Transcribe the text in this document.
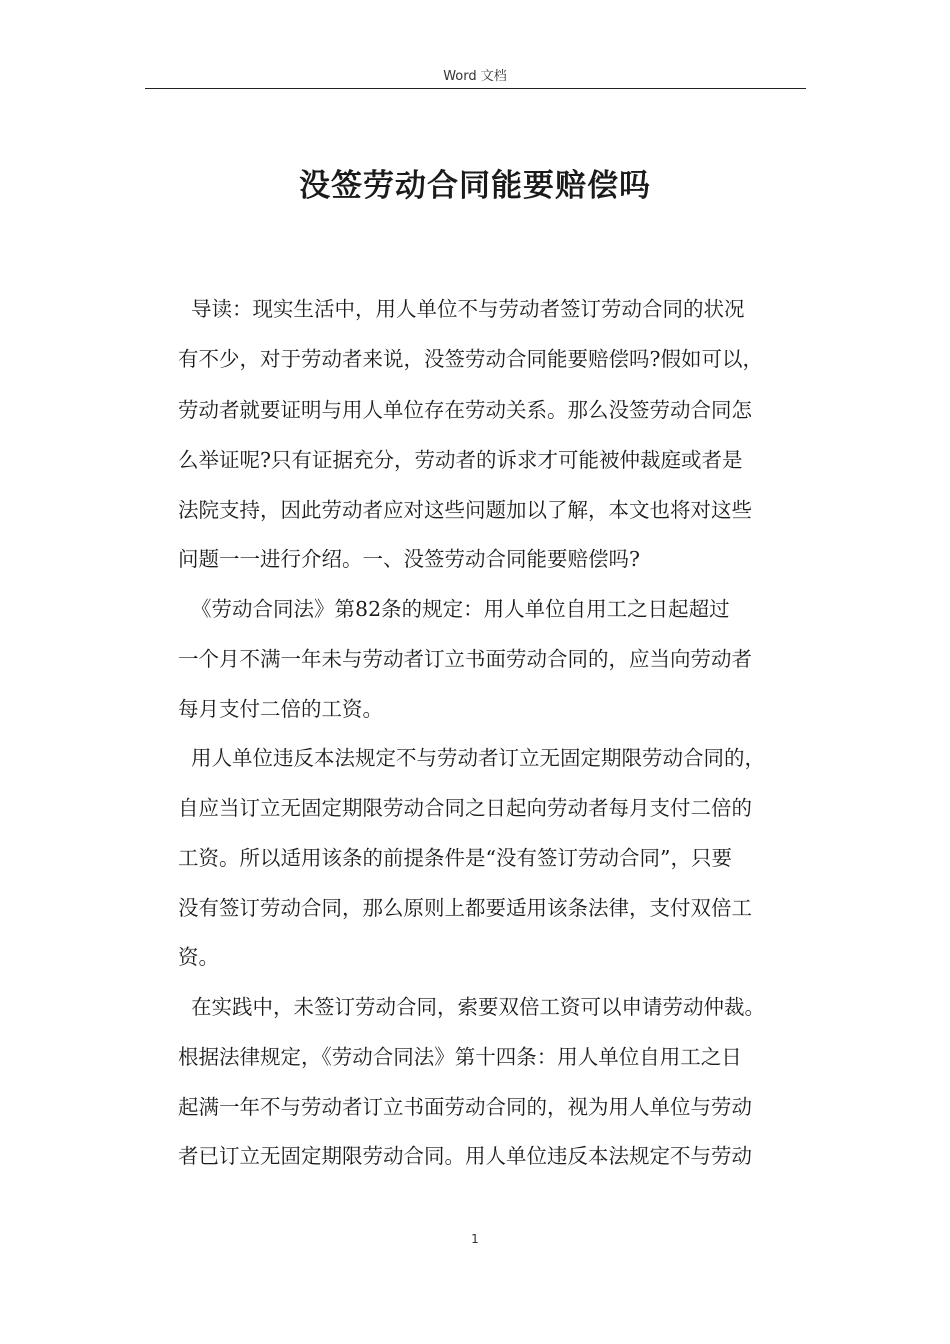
Word 文档
没签劳动合同能要赔偿吗
导读：现实生活中，用人单位不与劳动者签订劳动合同的状况
有不少，对于劳动者来说，没签劳动合同能要赔偿吗?假如可以，
劳动者就要证明与用人单位存在劳动关系。那么没签劳动合同怎
么举证呢?只有证据充分，劳动者的诉求才可能被仲裁庭或者是
法院支持，因此劳动者应对这些问题加以了解，本文也将对这些
问题一一进行介绍。一、没签劳动合同能要赔偿吗?
《劳动合同法》第82条的规定：用人单位自用工之日起超过
一个月不满一年未与劳动者订立书面劳动合同的，应当向劳动者
每月支付二倍的工资。
用人单位违反本法规定不与劳动者订立无固定期限劳动合同的，
自应当订立无固定期限劳动合同之日起向劳动者每月支付二倍的
工资。所以适用该条的前提条件是“没有签订劳动合同”，只要
没有签订劳动合同，那么原则上都要适用该条法律，支付双倍工
资。
在实践中，未签订劳动合同，索要双倍工资可以申请劳动仲裁。
根据法律规定，《劳动合同法》第十四条：用人单位自用工之日
起满一年不与劳动者订立书面劳动合同的，视为用人单位与劳动
者已订立无固定期限劳动合同。用人单位违反本法规定不与劳动
1
